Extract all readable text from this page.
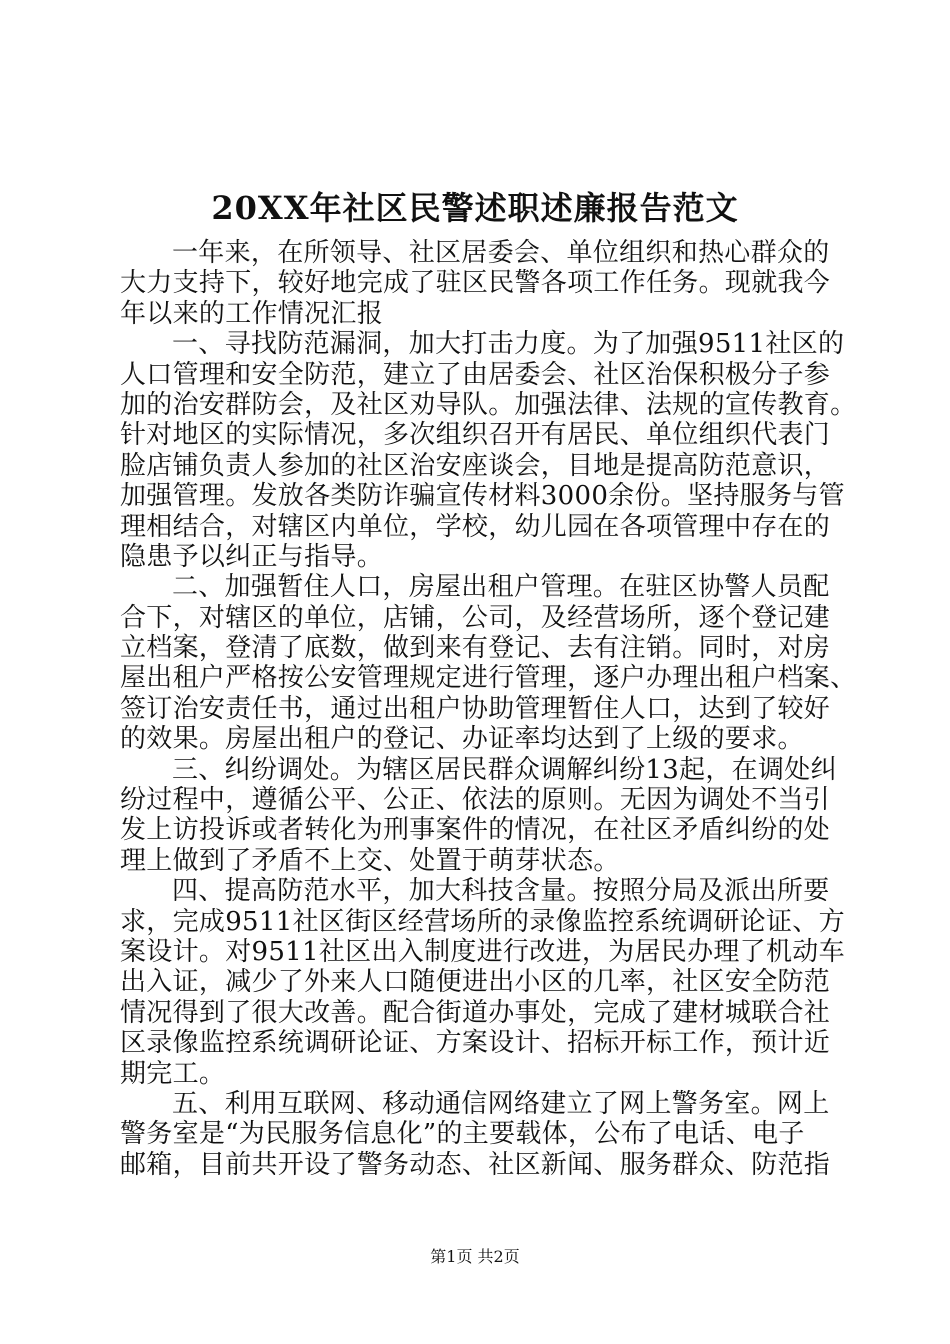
20XX年社区民警述职述廉报告范文
一年来，在所领导、社区居委会、单位组织和热心群众的
大力支持下，较好地完成了驻区民警各项工作任务。现就我今
年以来的工作情况汇报
一、寻找防范漏洞，加大打击力度。为了加强9511社区的
人口管理和安全防范，建立了由居委会、社区治保积极分子参
加的治安群防会，及社区劝导队。加强法律、法规的宣传教育。
针对地区的实际情况，多次组织召开有居民、单位组织代表门
脸店铺负责人参加的社区治安座谈会，目地是提高防范意识，
加强管理。发放各类防诈骗宣传材料3000余份。坚持服务与管
理相结合，对辖区内单位，学校，幼儿园在各项管理中存在的
隐患予以纠正与指导。
二、加强暂住人口，房屋出租户管理。在驻区协警人员配
合下，对辖区的单位，店铺，公司，及经营场所，逐个登记建
立档案，登清了底数，做到来有登记、去有注销。同时，对房
屋出租户严格按公安管理规定进行管理，逐户办理出租户档案、
签订治安责任书，通过出租户协助管理暂住人口，达到了较好
的效果。房屋出租户的登记、办证率均达到了上级的要求。
三、纠纷调处。为辖区居民群众调解纠纷13起，在调处纠
纷过程中，遵循公平、公正、依法的原则。无因为调处不当引
发上访投诉或者转化为刑事案件的情况，在社区矛盾纠纷的处
理上做到了矛盾不上交、处置于萌芽状态。
四、提高防范水平，加大科技含量。按照分局及派出所要
求，完成9511社区街区经营场所的录像监控系统调研论证、方
案设计。对9511社区出入制度进行改进，为居民办理了机动车
出入证，减少了外来人口随便进出小区的几率，社区安全防范
情况得到了很大改善。配合街道办事处，完成了建材城联合社
区录像监控系统调研论证、方案设计、招标开标工作，预计近
期完工。
五、利用互联网、移动通信网络建立了网上警务室。网上
警务室是“为民服务信息化”的主要载体，公布了电话、电子
邮箱，目前共开设了警务动态、社区新闻、服务群众、防范指
第1页 共2页
